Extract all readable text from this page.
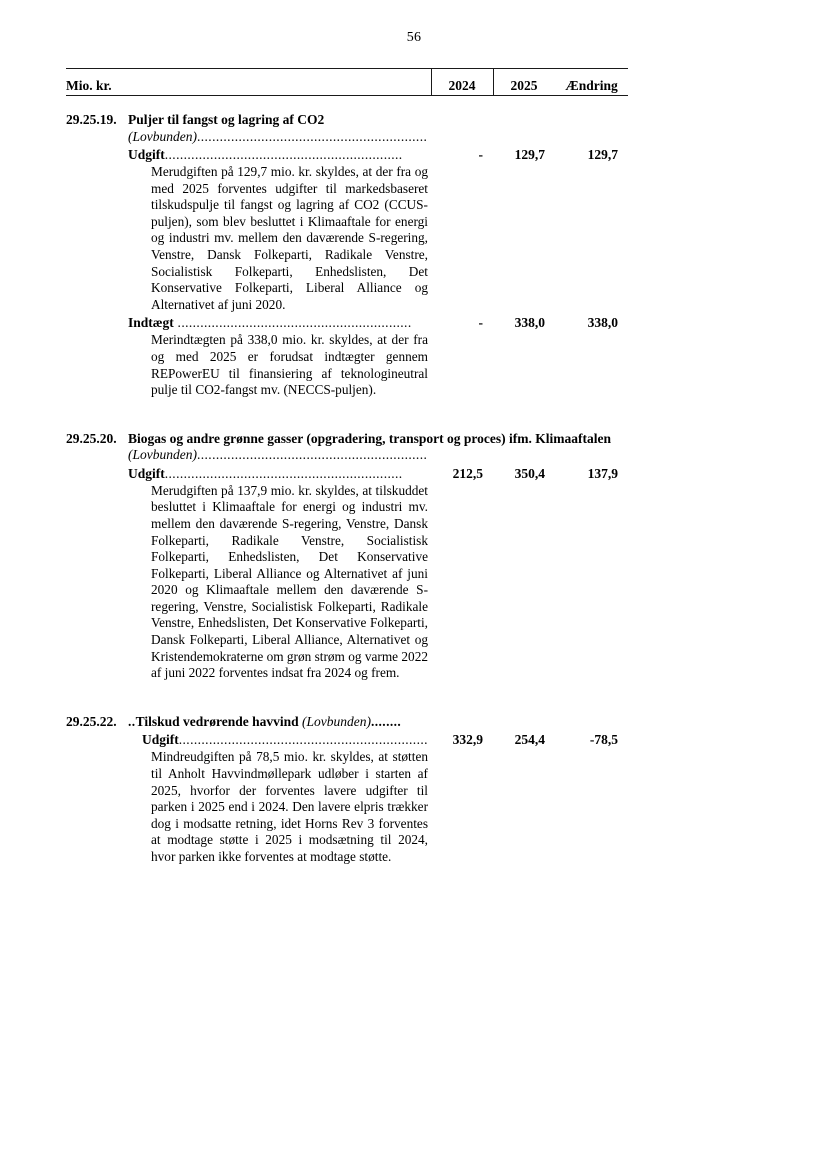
56
Mio. kr.	2024	2025	Ændring
29.25.19. Puljer til fangst og lagring af CO2
(Lovbunden).............................................................
Udgift...............................................................	-	129,7	129,7
Merudgiften på 129,7 mio. kr. skyldes, at der fra og med 2025 forventes udgifter til markedsbaseret tilskudspulje til fangst og lagring af CO2 (CCUS-puljen), som blev besluttet i Klimaaftale for energi og industri mv. mellem den daværende S-regering, Venstre, Dansk Folkeparti, Radikale Venstre, Socialistisk Folkeparti, Enhedslisten, Det Konservative Folkeparti, Liberal Alliance og Alternativet af juni 2020.
Indtægt ..............................................................	-	338,0	338,0
Merindtægten på 338,0 mio. kr. skyldes, at der fra og med 2025 er forudsat indtægter gennem REPowerEU til finansiering af teknologineutral pulje til CO2-fangst mv. (NECCS-puljen).
29.25.20. Biogas og andre grønne gasser (opgradering, transport og proces) ifm. Klimaaftalen
(Lovbunden).............................................................
Udgift...............................................................	212,5	350,4	137,9
Merudgiften på 137,9 mio. kr. skyldes, at tilskuddet besluttet i Klimaaftale for energi og industri mv. mellem den daværende S-regering, Venstre, Dansk Folkeparti, Radikale Venstre, Socialistisk Folkeparti, Enhedslisten, Det Konservative Folkeparti, Liberal Alliance og Alternativet af juni 2020 og Klimaaftale mellem den daværende S-regering, Venstre, Socialistisk Folkeparti, Radikale Venstre, Enhedslisten, Det Konservative Folkeparti, Dansk Folkeparti, Liberal Alliance, Alternativet og Kristendemokraterne om grøn strøm og varme 2022 af juni 2022 forventes indsat fra 2024 og frem.
29.25.22. ..Tilskud vedrørende havvind (Lovbunden)........
Udgift..................................................................	332,9	254,4	-78,5
Mindreudgiften på 78,5 mio. kr. skyldes, at støtten til Anholt Havvindmøllepark udløber i starten af 2025, hvorfor der forventes lavere udgifter til parken i 2025 end i 2024. Den lavere elpris trækker dog i modsatte retning, idet Horns Rev 3 forventes at modtage støtte i 2025 i modsætning til 2024, hvor parken ikke forventes at modtage støtte.
